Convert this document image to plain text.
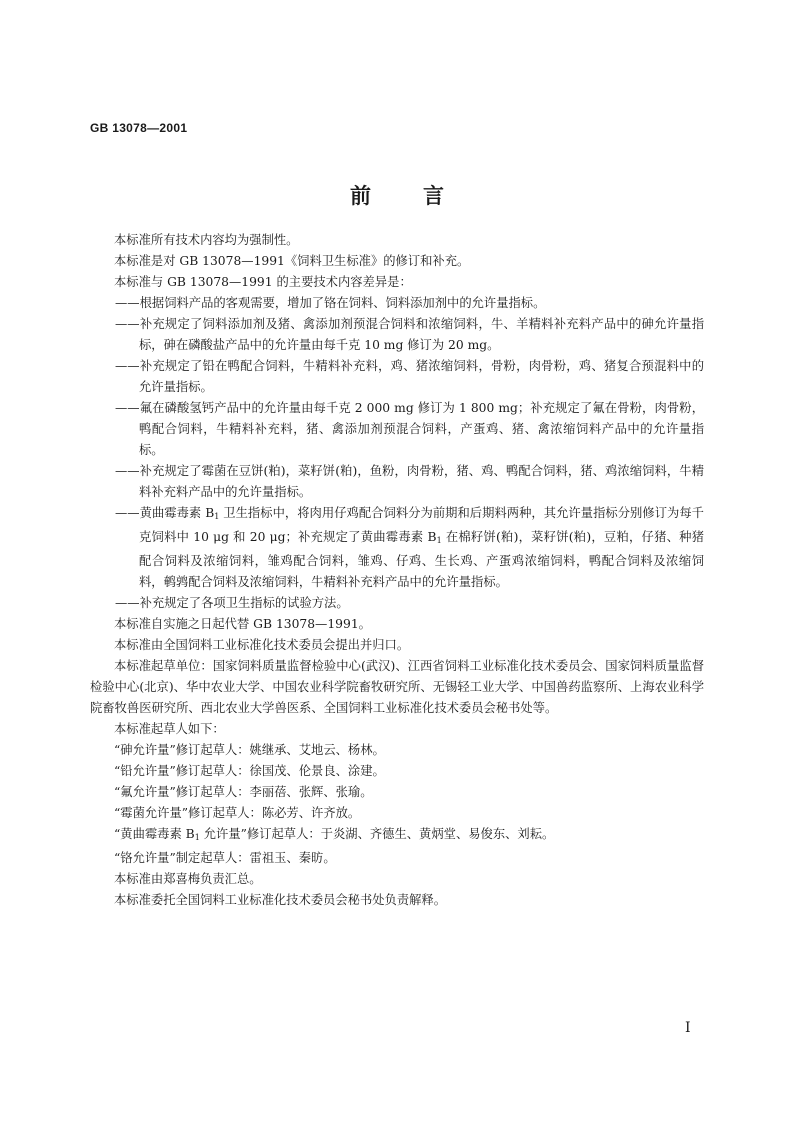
GB 13078—2001
前言

本标准所有技术内容均为强制性。

本标准是对 GB 13078—1991《饲料卫生标准》的修订和补充。

本标准与 GB 13078—1991 的主要技术内容差异是：

——根据饲料产品的客观需要，增加了铬在饲料、饲料添加剂中的允许量指标。

——补充规定了饲料添加剂及猪、禽添加剂预混合饲料和浓缩饲料，牛、羊精料补充料产品中的砷允许量指标，砷在磷酸盐产品中的允许量由每千克 10 mg 修订为 20 mg。

——补充规定了铅在鸭配合饲料，牛精料补充料，鸡、猪浓缩饲料，骨粉，肉骨粉，鸡、猪复合预混料中的允许量指标。

——氟在磷酸氢钙产品中的允许量由每千克 2 000 mg 修订为 1 800 mg；补充规定了氟在骨粉，肉骨粉，鸭配合饲料，牛精料补充料，猪、禽添加剂预混合饲料，产蛋鸡、猪、禽浓缩饲料产品中的允许量指标。

——补充规定了霉菌在豆饼(粕)，菜籽饼(粕)，鱼粉，肉骨粉，猪、鸡、鸭配合饲料，猪、鸡浓缩饲料，牛精料补充料产品中的允许量指标。

——黄曲霉毒素 $B_1$ 卫生指标中，将肉用仔鸡配合饲料分为前期和后期料两种，其允许量指标分别修订为每千克饲料中 10 μg 和 20 μg；补充规定了黄曲霉毒素 $B_1$ 在棉籽饼(粕)，菜籽饼(粕)，豆粕，仔猪、种猪配合饲料及浓缩饲料，雏鸡配合饲料，雏鸡、仔鸡、生长鸡、产蛋鸡浓缩饲料，鸭配合饲料及浓缩饲料，鹌鹑配合饲料及浓缩饲料，牛精料补充料产品中的允许量指标。

——补充规定了各项卫生指标的试验方法。

本标准自实施之日起代替 GB 13078—1991。

本标准由全国饲料工业标准化技术委员会提出并归口。

本标准起草单位：国家饲料质量监督检验中心(武汉)、江西省饲料工业标准化技术委员会、国家饲料质量监督检验中心(北京)、华中农业大学、中国农业科学院畜牧研究所、无锡轻工业大学、中国兽药监察所、上海农业科学院畜牧兽医研究所、西北农业大学兽医系、全国饲料工业标准化技术委员会秘书处等。

本标准起草人如下：

“砷允许量”修订起草人：姚继承、艾地云、杨林。

“铅允许量”修订起草人：徐国茂、伦景良、涂建。

“氟允许量”修订起草人：李丽蓓、张辉、张瑜。

“霉菌允许量”修订起草人：陈必芳、许齐放。

“黄曲霉毒素 $B_1$ 允许量”修订起草人：于炎湖、齐德生、黄炳堂、易俊东、刘耘。

“铬允许量”制定起草人：雷祖玉、秦昉。

本标准由郑喜梅负责汇总。

本标准委托全国饲料工业标准化技术委员会秘书处负责解释。

I
